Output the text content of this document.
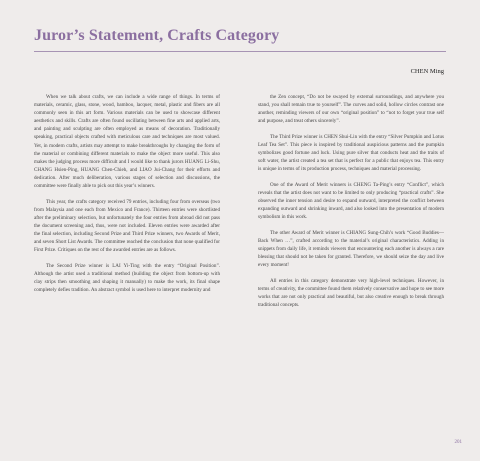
Juror’s Statement, Crafts Category
CHEN Ming

When we talk about crafts, we can include a wide range of things. In terms of materials, ceramic, glass, stone, wood, bamboo, lacquer, metal, plastic and fibers are all commonly seen in this art form. Various materials can be used to showcase different aesthetics and skills. Crafts are often found oscillating between fine arts and applied arts, and painting and sculpting are often employed as means of decoration. Traditionally speaking, practical objects crafted with meticulous care and techniques are most valued. Yet, in modern crafts, artists may attempt to make breakthroughs by changing the form of the material or combining different materials to make the object more useful. This also makes the judging process more difficult and I would like to thank jurors HUANG Li-Shu, CHANG Hsien-Ping, HUANG Chen-Chieh, and LIAO Jui-Chang for their efforts and dedication. After much deliberation, various stages of selection and discussions, the committee were finally able to pick out this year’s winners.

This year, the crafts category received 79 entries, including four from overseas (two from Malaysia and one each from Mexico and France). Thirteen entries were shortlisted after the preliminary selection, but unfortunately the four entries from abroad did not pass the document screening and, thus, were not included. Eleven entries were awarded after the final selection, including Second Prize and Third Prize winners, two Awards of Merit, and seven Short List Awards. The committee reached the conclusion that none qualified for First Prize. Critiques on the rest of the awarded entries are as follows.

The Second Prize winner is LAI Yi-Ting with the entry “Original Position”. Although the artist used a traditional method (building the object from bottom-up with clay strips then smoothing and shaping it manually) to make the work, its final shape completely defies tradition. An abstract symbol is used here to interpret modernity and

the Zen concept, “Do not be swayed by external surroundings, and anywhere you stand, you shall remain true to yourself”. The curves and solid, hollow circles contrast one another, reminding viewers of our own “original position” to “not to forget your true self and purpose, and treat others sincerely”.

The Third Prize winner is CHEN Shui-Lin with the entry “Silver Pumpkin and Lotus Leaf Tea Set”. This piece is inspired by traditional auspicious patterns and the pumpkin symbolizes good fortune and luck. Using pure silver that conducts heat and the traits of soft water, the artist created a tea set that is perfect for a public that enjoys tea. This entry is unique in terms of its production process, techniques and material processing.

One of the Award of Merit winners is CHENG Ta-Ping’s entry “Conflict”, which reveals that the artist does not want to be limited to only producing “practical crafts”. She observed the inner tension and desire to expand outward, interpreted the conflict between expanding outward and shrinking inward, and also looked into the presentation of modern symbolism in this work.

The other Award of Merit winner is CHIANG Sung-Chih’s work “Good Buddies—Back When …”, crafted according to the material’s original characteristics. Adding in snippets from daily life, it reminds viewers that encountering each another is always a rare blessing that should not be taken for granted. Therefore, we should seize the day and live every moment!

All entries in this category demonstrate very high-level techniques. However, in terms of creativity, the committee found them relatively conservative and hope to see more works that are not only practical and beautiful, but also creative enough to break through traditional concepts.

201
